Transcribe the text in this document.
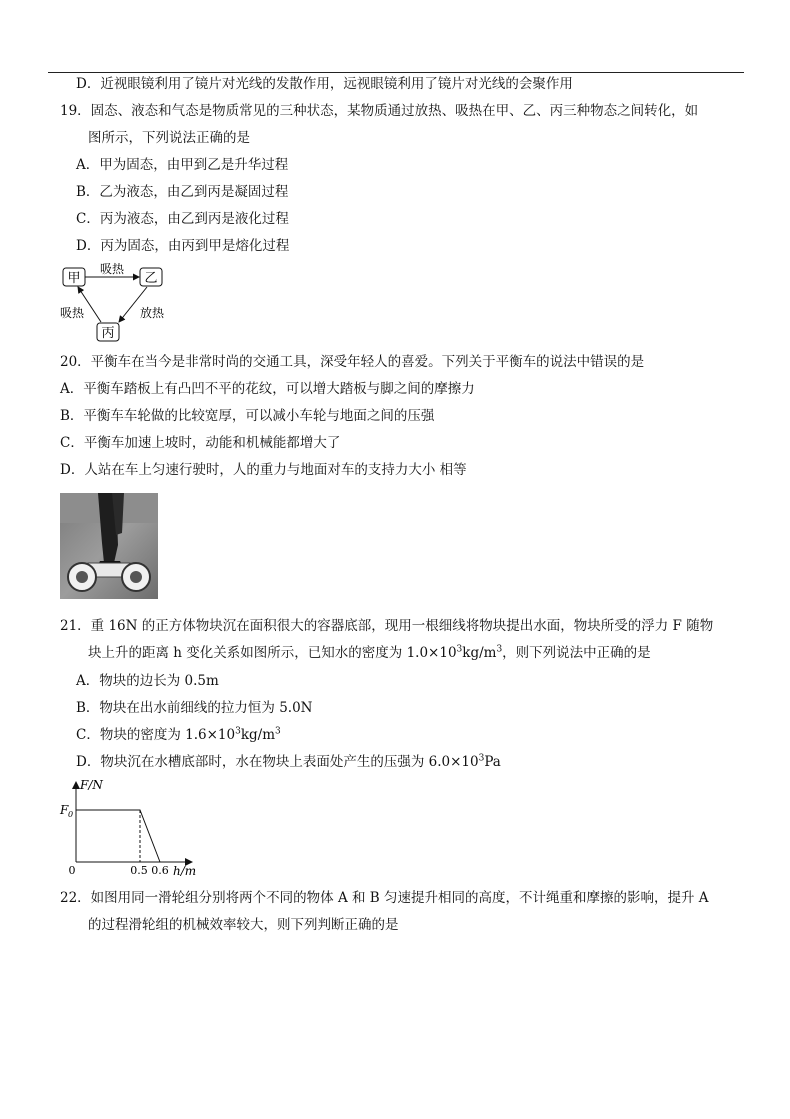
D．近视眼镜利用了镜片对光线的发散作用，远视眼镜利用了镜片对光线的会聚作用
19．固态、液态和气态是物质常见的三种状态，某物质通过放热、吸热在甲、乙、丙三种物态之间转化，如
图所示，下列说法正确的是
A．甲为固态，由甲到乙是升华过程
B．乙为液态，由乙到丙是凝固过程
C．丙为液态，由乙到丙是液化过程
D．丙为固态，由丙到甲是熔化过程
甲	乙
丙
吸热
吸热	放热
20．平衡车在当今是非常时尚的交通工具，深受年轻人的喜爱。下列关于平衡车的说法中错误的是
A．平衡车踏板上有凸凹不平的花纹，可以增大踏板与脚之间的摩擦力
B．平衡车车轮做的比较宽厚，可以减小车轮与地面之间的压强
C．平衡车加速上坡时，动能和机械能都增大了
D．人站在车上匀速行驶时，人的重力与地面对车的支持力大小 相等
21．重 16N 的正方体物块沉在面积很大的容器底部，现用一根细线将物块提出水面，物块所受的浮力 F 随物
块上升的距离 h 变化关系如图所示，已知水的密度为 $1.0\times 10^3kg/m^3$，则下列说法中正确的是
A．物块的边长为 0.5m
B．物块在出水前细线的拉力恒为 5.0N
C．物块的密度为 $1.6\times 10^3kg/m^3$
D．物块沉在水槽底部时，水在物块上表面处产生的压强为 $6.0\times 10^3Pa$
F/N
F 0
0	0.5 0.6 h/m
22．如图用同一滑轮组分别将两个不同的物体 A 和 B 匀速提升相同的高度，不计绳重和摩擦的影响，提升 A
的过程滑轮组的机械效率较大，则下列判断正确的是
